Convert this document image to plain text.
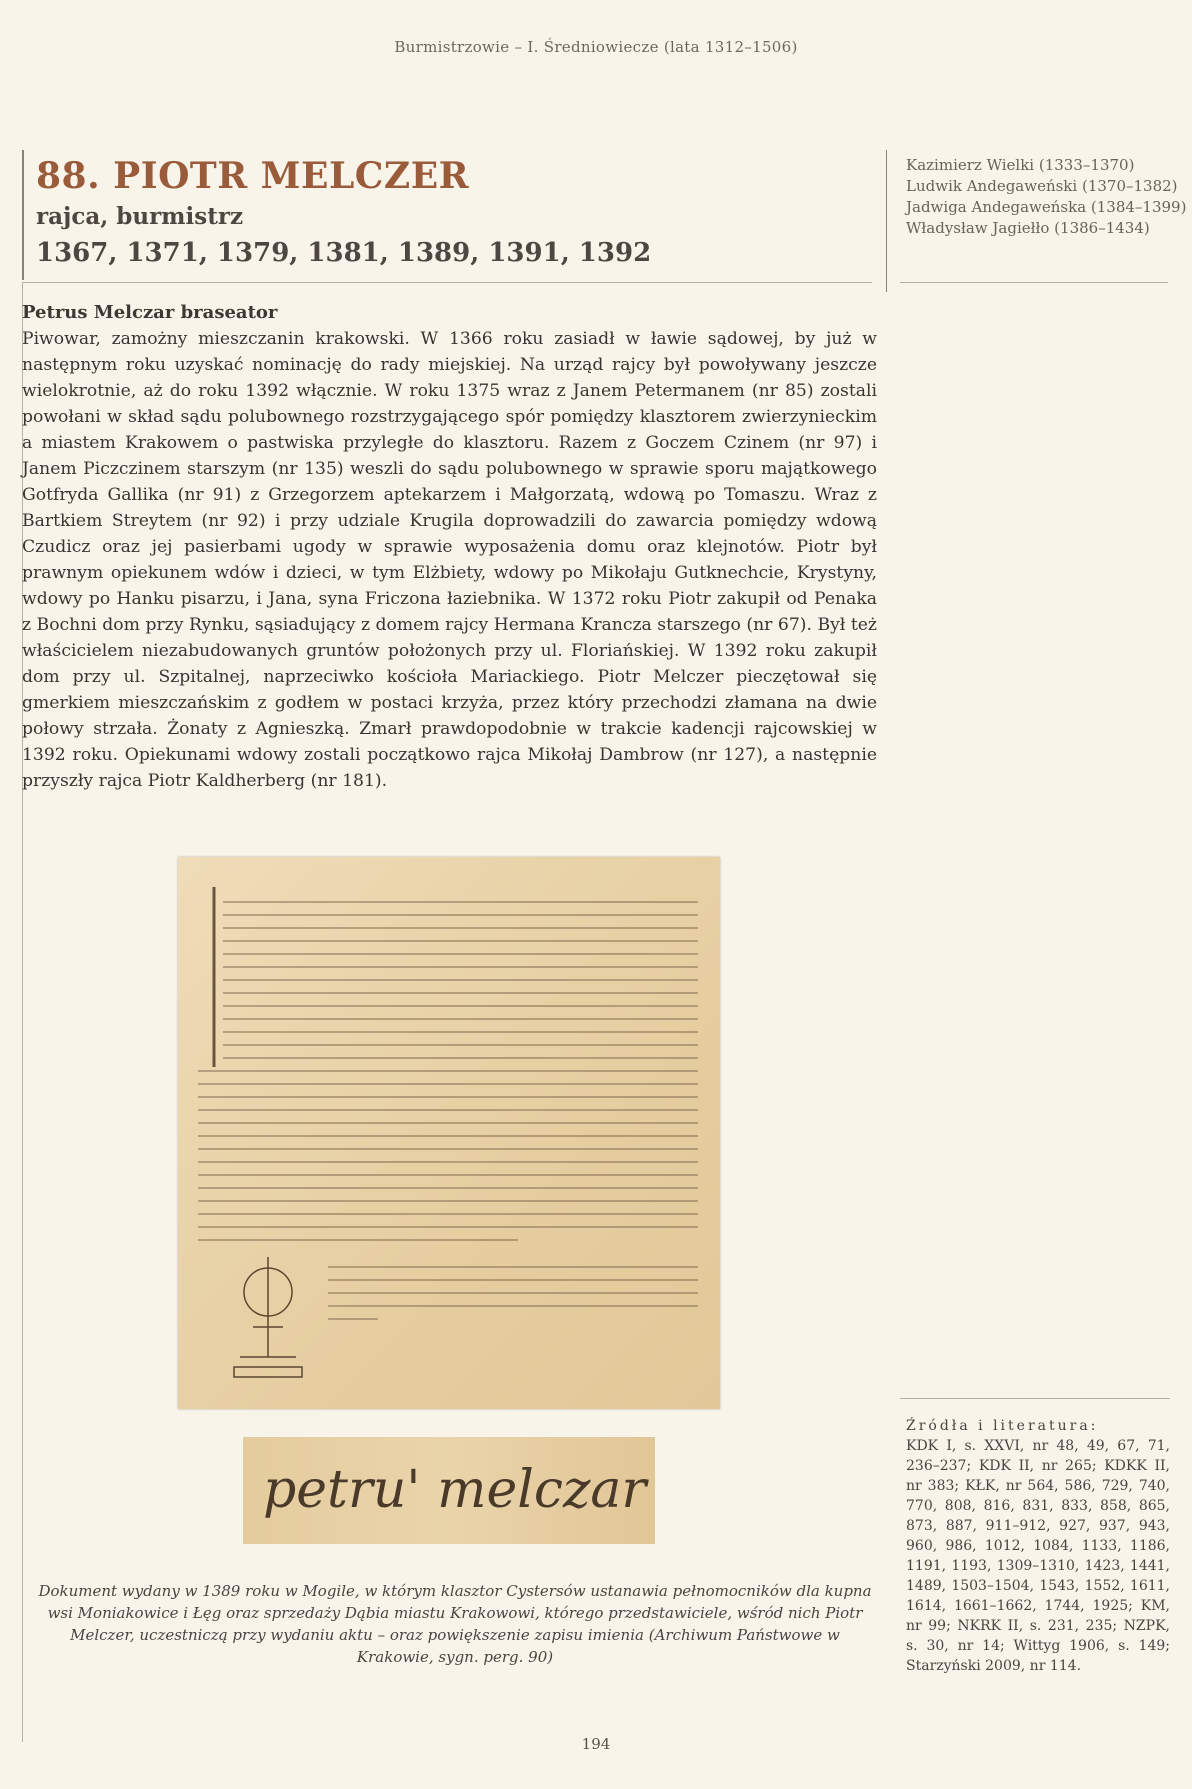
Burmistrzowie – I. Średniowiecze (lata 1312–1506)
88. PIOTR MELCZER
rajca, burmistrz
1367, 1371, 1379, 1381, 1389, 1391, 1392
Kazimierz Wielki (1333–1370)
Ludwik Andegaweński (1370–1382)
Jadwiga Andegaweńska (1384–1399)
Władysław Jagiełło (1386–1434)
Petrus Melczar braseator

Piwowar, zamożny mieszczanin krakowski. W 1366 roku zasiadł w ławie sądowej, by już w następnym roku uzyskać nominację do rady miejskiej. Na urząd rajcy był powoływany jeszcze wielokrotnie, aż do roku 1392 włącznie. W roku 1375 wraz z Janem Petermanem (nr 85) zostali powołani w skład sądu polubownego rozstrzygającego spór pomiędzy klasztorem zwierzynieckim a miastem Krakowem o pastwiska przyległe do klasztoru. Razem z Goczem Czinem (nr 97) i Janem Piczczinem starszym (nr 135) weszli do sądu polubownego w sprawie sporu majątkowego Gotfryda Gallika (nr 91) z Grzegorzem aptekarzem i Małgorzatą, wdową po Tomaszu. Wraz z Bartkiem Streytem (nr 92) i przy udziale Krugila doprowadzili do zawarcia pomiędzy wdową Czudicz oraz jej pasierbami ugody w sprawie wyposażenia domu oraz klejnotów. Piotr był prawnym opiekunem wdów i dzieci, w tym Elżbiety, wdowy po Mikołaju Gutknechcie, Krystyny, wdowy po Hanku pisarzu, i Jana, syna Friczona łaziebnika. W 1372 roku Piotr zakupił od Penaka z Bochni dom przy Rynku, sąsiadujący z domem rajcy Hermana Krancza starszego (nr 67). Był też właścicielem niezabudowanych gruntów położonych przy ul. Floriańskiej. W 1392 roku zakupił dom przy ul. Szpitalnej, naprzeciwko kościoła Mariackiego. Piotr Melczer pieczętował się gmerkiem mieszczańskim z godłem w postaci krzyża, przez który przechodzi złamana na dwie połowy strzała. Żonaty z Agnieszką. Zmarł prawdopodobnie w trakcie kadencji rajcowskiej w 1392 roku. Opiekunami wdowy zostali początkowo rajca Mikołaj Dambrow (nr 127), a następnie przyszły rajca Piotr Kaldherberg (nr 181).

petru' melczar
Dokument wydany w 1389 roku w Mogile, w którym klasztor Cystersów ustanawia pełnomocników dla kupna wsi Moniakowice i Łęg oraz sprzedaży Dąbia miastu Krakowowi, którego przedstawiciele, wśród nich Piotr Melczer, uczestniczą przy wydaniu aktu – oraz powiększenie zapisu imienia (Archiwum Państwowe w Krakowie, sygn. perg. 90)
Źródła i literatura:
KDK I, s. XXVI, nr 48, 49, 67, 71, 236–237; KDK II, nr 265; KDKK II, nr 383; KŁK, nr 564, 586, 729, 740, 770, 808, 816, 831, 833, 858, 865, 873, 887, 911–912, 927, 937, 943, 960, 986, 1012, 1084, 1133, 1186, 1191, 1193, 1309–1310, 1423, 1441, 1489, 1503–1504, 1543, 1552, 1611, 1614, 1661–1662, 1744, 1925; KM, nr 99; NKRK II, s. 231, 235; NZPK, s. 30, nr 14; Wittyg 1906, s. 149; Starzyński 2009, nr 114.
194
